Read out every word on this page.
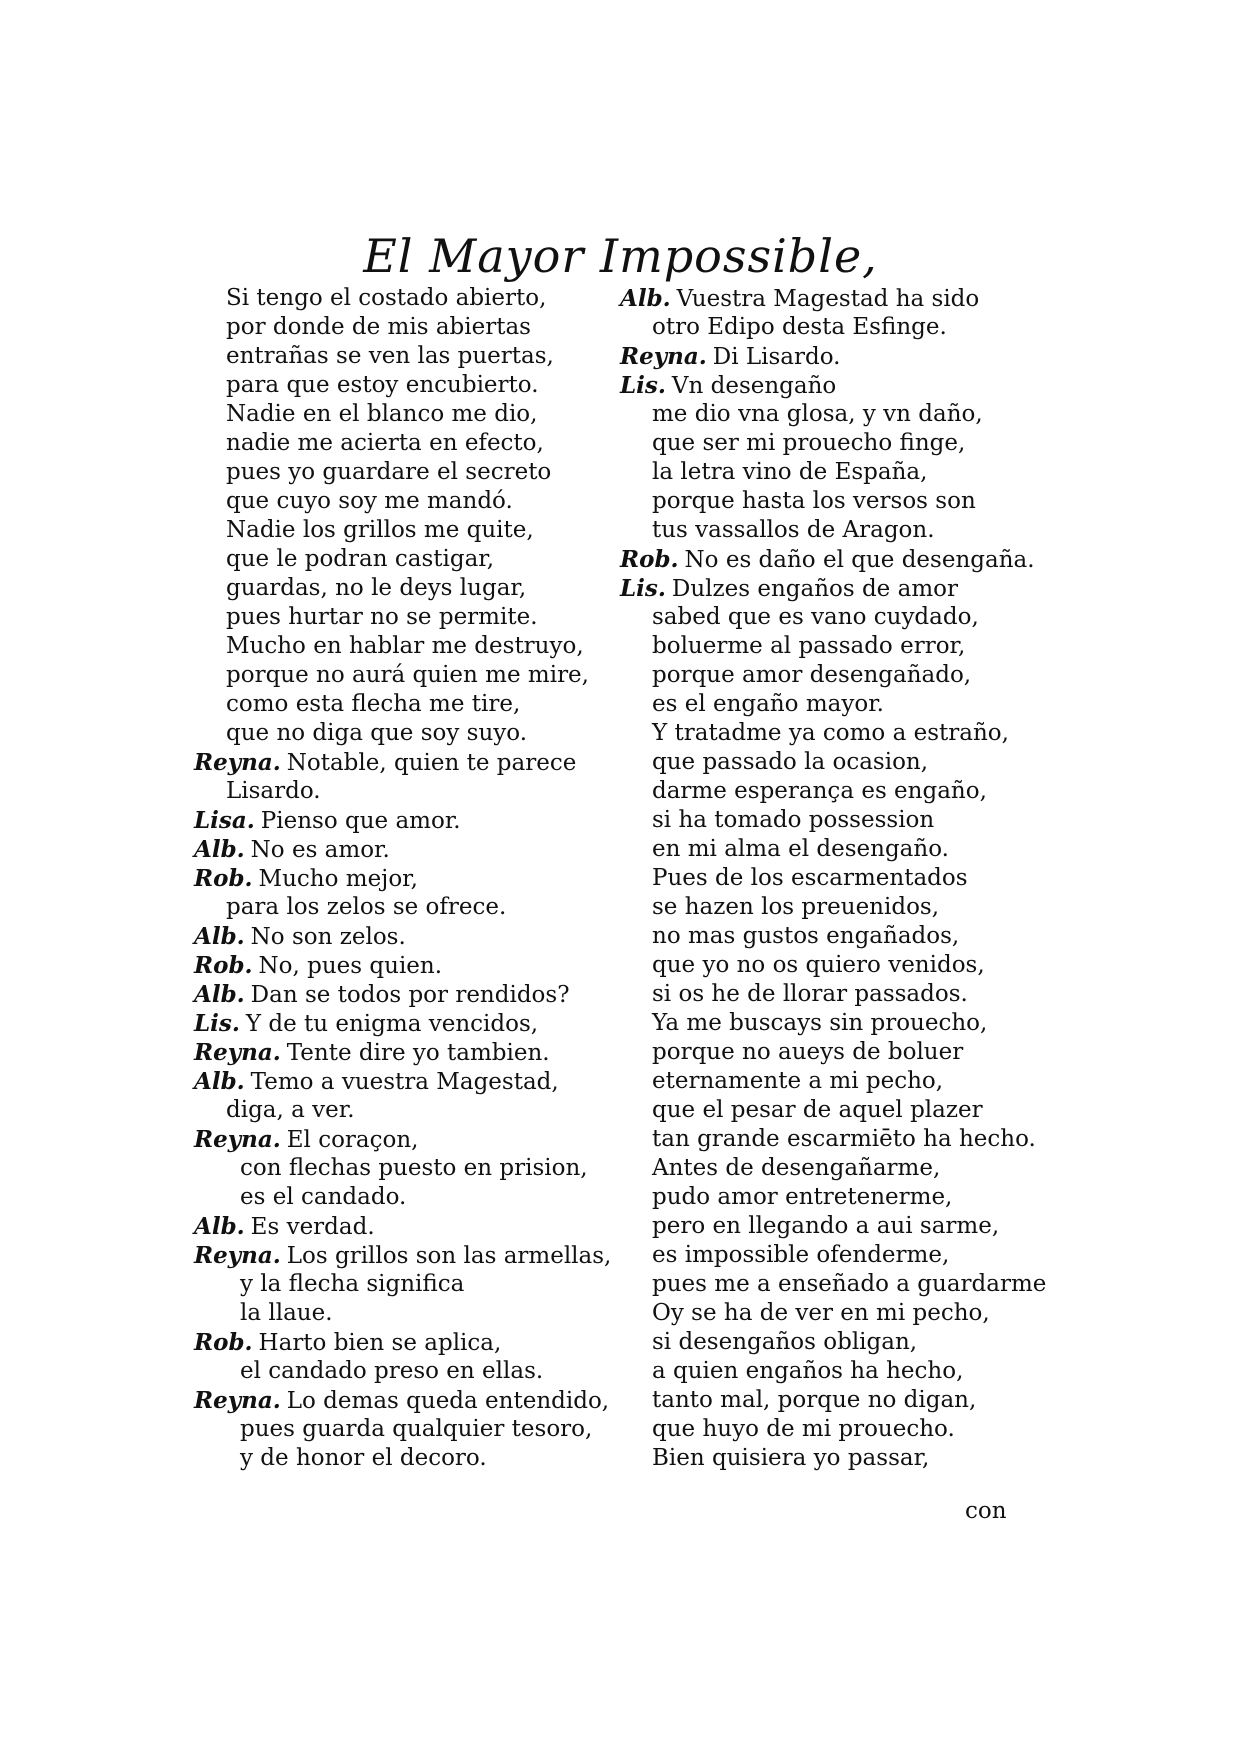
El Mayor Impossible,
Si tengo el costado abierto,
por donde de mis abiertas
entrañas se ven las puertas,
para que estoy encubierto.
Nadie en el blanco me dio,
nadie me acierta en efecto,
pues yo guardare el secreto
que cuyo soy me mandó.
Nadie los grillos me quite,
que le podran castigar,
guardas, no le deys lugar,
pues hurtar no se permite.
Mucho en hablar me destruyo,
porque no aurá quien me mire,
como esta flecha me tire,
que no diga que soy suyo.
Reyna. Notable, quien te parece
Lisardo.
Lisa. Pienso que amor.
Alb. No es amor.
Rob. Mucho mejor,
para los zelos se ofrece.
Alb. No son zelos.
Rob. No, pues quien.
Alb. Dan se todos por rendidos?
Lis. Y de tu enigma vencidos,
Reyna. Tente dire yo tambien.
Alb. Temo a vuestra Magestad,
diga, a ver.
Reyna. El coraçon,
con flechas puesto en prision,
es el candado.
Alb. Es verdad.
Reyna. Los grillos son las armellas,
y la flecha significa
la llaue.
Rob. Harto bien se aplica,
el candado preso en ellas.
Reyna. Lo demas queda entendido,
pues guarda qualquier tesoro,
y de honor el decoro.
Alb. Vuestra Magestad ha sido
otro Edipo desta Esfinge.
Reyna. Di Lisardo.
Lis. Vn desengaño
me dio vna glosa, y vn daño,
que ser mi prouecho finge,
la letra vino de España,
porque hasta los versos son
tus vassallos de Aragon.
Rob. No es daño el que desengaña.
Lis. Dulzes engaños de amor
sabed que es vano cuydado,
boluerme al passado error,
porque amor desengañado,
es el engaño mayor.
Y tratadme ya como a estraño,
que passado la ocasion,
darme esperança es engaño,
si ha tomado possession
en mi alma el desengaño.
Pues de los escarmentados
se hazen los preuenidos,
no mas gustos engañados,
que yo no os quiero venidos,
si os he de llorar passados.
Ya me buscays sin prouecho,
porque no aueys de boluer
eternamente a mi pecho,
que el pesar de aquel plazer
tan grande escarmiēto ha hecho.
Antes de desengañarme,
pudo amor entretenerme,
pero en llegando a aui sarme,
es impossible ofenderme,
pues me a enseñado a guardarme
Oy se ha de ver en mi pecho,
si desengaños obligan,
a quien engaños ha hecho,
tanto mal, porque no digan,
que huyo de mi prouecho.
Bien quisiera yo passar,
con
